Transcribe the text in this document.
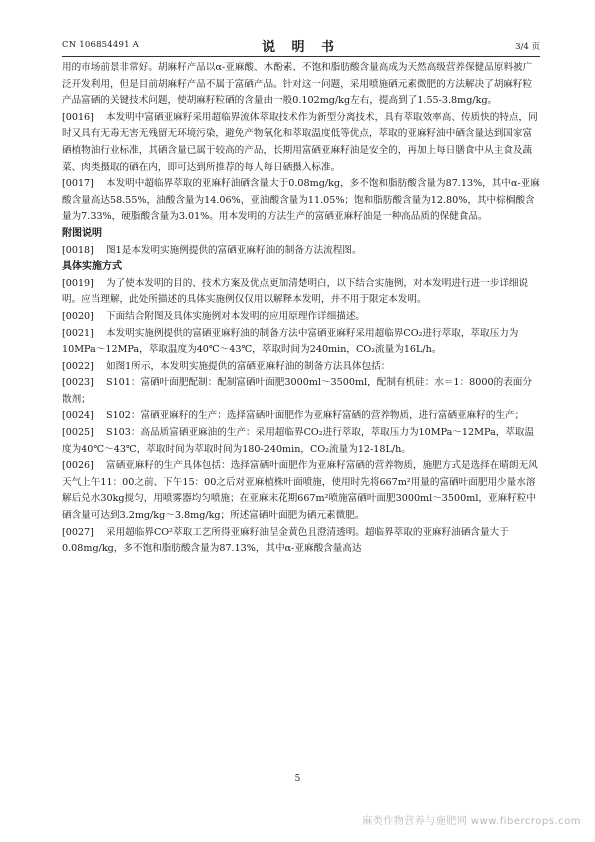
CN 106854491 A	说 明 书	3/4 页

用的市场前景非常好。胡麻籽产品以α-亚麻酸、木酚素、不饱和脂肪酸含量高成为天然高级营养保健品原料被广泛开发利用，但是目前胡麻籽产品不属于富硒产品。针对这一问题，采用喷施硒元素微肥的方法解决了胡麻籽粒产品富硒的关键技术问题，使胡麻籽粒硒的含量由一般0.102mg/kg左右，提高到了1.55-3.8mg/kg。

[0016] 本发明中富硒亚麻籽采用超临界流体萃取技术作为新型分离技术，具有萃取效率高、传质快的特点，同时又具有无毒无害无残留无环境污染，避免产物氧化和萃取温度低等优点，萃取的亚麻籽油中硒含量达到国家富硒植物油行业标准，其硒含量已属于较高的产品，长期用富硒亚麻籽油是安全的，再加上每日膳食中从主食及蔬菜、肉类摄取的硒在内，即可达到所推荐的每人每日硒摄入标准。

[0017] 本发明中超临界萃取的亚麻籽油硒含量大于0.08mg/kg，多不饱和脂肪酸含量为87.13%，其中α-亚麻酸含量高达58.55%，油酸含量为14.06%，亚油酸含量为11.05%；饱和脂肪酸含量为12.80%，其中棕榈酸含量为7.33%，硬脂酸含量为3.01%。用本发明的方法生产的富硒亚麻籽油是一种高品质的保健食品。

附图说明

[0018] 图1是本发明实施例提供的富硒亚麻籽油的制备方法流程图。

具体实施方式

[0019] 为了使本发明的目的、技术方案及优点更加清楚明白，以下结合实施例，对本发明进行进一步详细说明。应当理解，此处所描述的具体实施例仅仅用以解释本发明，并不用于限定本发明。

[0020] 下面结合附图及具体实施例对本发明的应用原理作详细描述。

[0021] 本发明实施例提供的富硒亚麻籽油的制备方法中富硒亚麻籽采用超临界CO₂进行萃取，萃取压力为10MPa～12MPa，萃取温度为40℃～43℃，萃取时间为240min，CO₂流量为16L/h。

[0022] 如图1所示，本发明实施提供的富硒亚麻籽油的制备方法具体包括：

[0023] S101：富硒叶面肥配制：配制富硒叶面肥3000ml～3500ml，配制有机硅：水＝1：8000的表面分散剂；

[0024] S102：富硒亚麻籽的生产：选择富硒叶面肥作为亚麻籽富硒的营养物质，进行富硒亚麻籽的生产；

[0025] S103：高品质富硒亚麻油的生产：采用超临界CO₂进行萃取，萃取压力为10MPa～12MPa，萃取温度为40℃～43℃，萃取时间为萃取时间为180-240min，CO₂流量为12-18L/h。

[0026] 富硒亚麻籽的生产具体包括：选择富硒叶面肥作为亚麻籽富硒的营养物质，施肥方式是选择在晴朗无风天气上午11：00之前、下午15：00之后对亚麻植株叶面喷施，使用时先将667m²用量的富硒叶面肥用少量水溶解后兑水30kg搅匀，用喷雾器均匀喷施；在亚麻末花期667m²喷施富硒叶面肥3000ml～3500ml，亚麻籽粒中硒含量可达到3.2mg/kg～3.8mg/kg；所述富硒叶面肥为硒元素微肥。

[0027] 采用超临界CO²萃取工艺所得亚麻籽油呈金黄色且澄清透明。超临界萃取的亚麻籽油硒含量大于0.08mg/kg，多不饱和脂肪酸含量为87.13%，其中α-亚麻酸含量高达

5
麻类作物营养与施肥网 www.fibercrops.com
